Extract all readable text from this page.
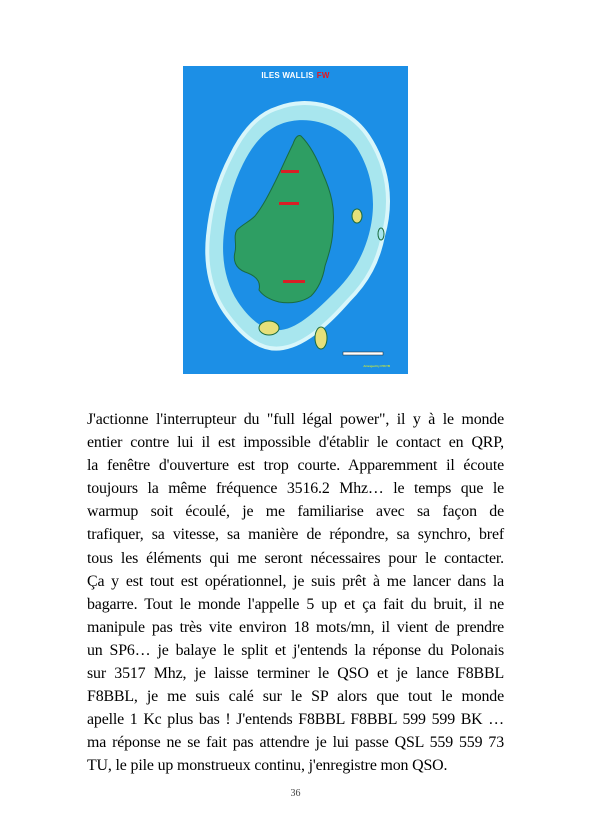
ILES WALLIS FW
Arranged by F5KYB
J'actionne l'interrupteur du "full légal power", il y à le monde
entier contre lui il est impossible d'établir le contact en QRP,
la fenêtre d'ouverture est trop courte. Apparemment il écoute
toujours la même fréquence 3516.2 Mhz… le temps que le
warmup soit écoulé, je me familiarise avec sa façon de
trafiquer, sa vitesse, sa manière de répondre, sa synchro, bref
tous les éléments qui me seront nécessaires pour le contacter.
Ça y est tout est opérationnel, je suis prêt à me lancer dans la
bagarre. Tout le monde l'appelle 5 up et ça fait du bruit, il ne
manipule pas très vite environ 18 mots/mn, il vient de prendre
un SP6… je balaye le split et j'entends la réponse du Polonais
sur 3517 Mhz, je laisse terminer le QSO et je lance F8BBL
F8BBL, je me suis calé sur le SP alors que tout le monde
apelle 1 Kc plus bas ! J'entends F8BBL F8BBL 599 599 BK …
ma réponse ne se fait pas attendre je lui passe QSL 559 559 73
TU, le pile up monstrueux continu, j'enregistre mon QSO.
36
